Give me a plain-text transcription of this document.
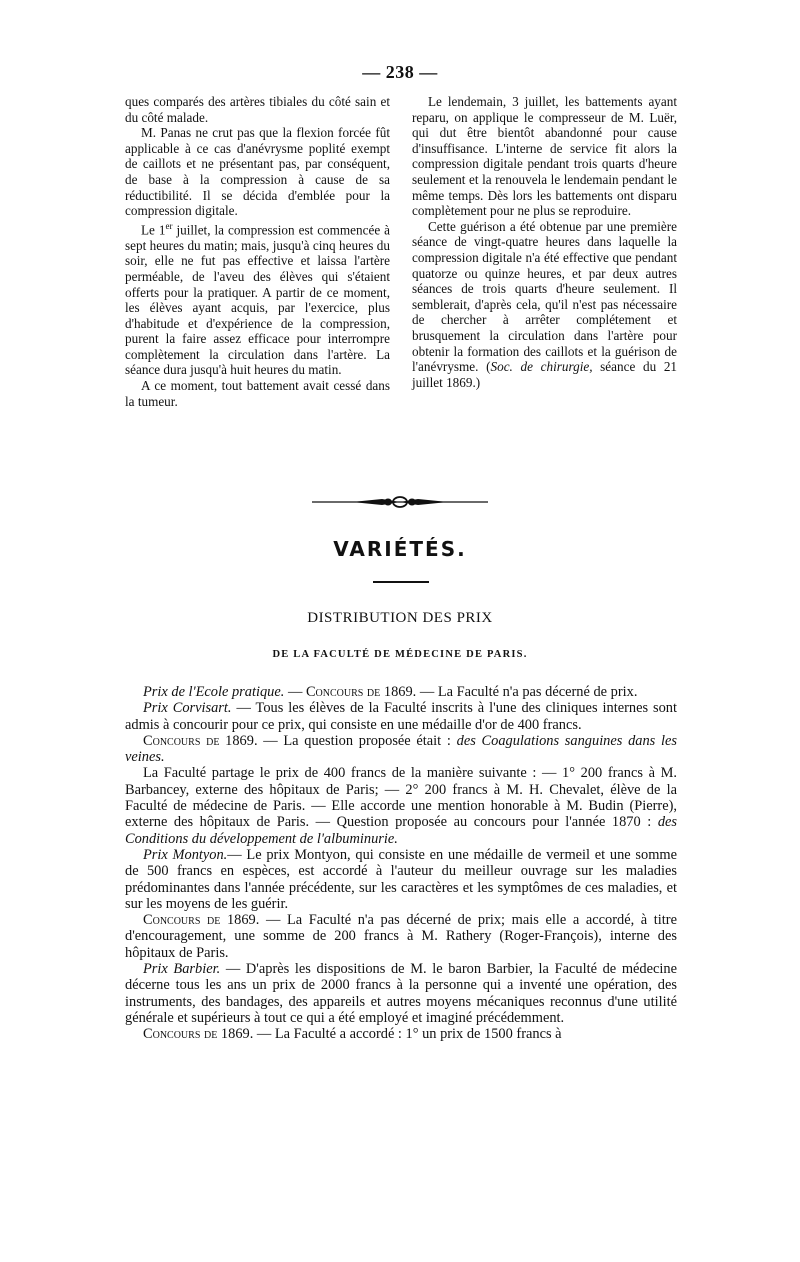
— 238 —

ques comparés des artères tibiales du côté sain et du côté malade.

M. Panas ne crut pas que la flexion forcée fût applicable à ce cas d'anévrysme poplité exempt de caillots et ne présentant pas, par conséquent, de base à la compression à cause de sa réductibilité. Il se décida d'emblée pour la compression digitale.

Le 1er juillet, la compression est commencée à sept heures du matin; mais, jusqu'à cinq heures du soir, elle ne fut pas effective et laissa l'artère perméable, de l'aveu des élèves qui s'étaient offerts pour la pratiquer. A partir de ce moment, les élèves ayant acquis, par l'exercice, plus d'habitude et d'expérience de la compression, purent la faire assez efficace pour interrompre complètement la circulation dans l'artère. La séance dura jusqu'à huit heures du matin.

A ce moment, tout battement avait cessé dans la tumeur.

Le lendemain, 3 juillet, les battements ayant reparu, on applique le compresseur de M. Luër, qui dut être bientôt abandonné pour cause d'insuffisance. L'interne de service fit alors la compression digitale pendant trois quarts d'heure seulement et la renouvela le lendemain pendant le même temps. Dès lors les battements ont disparu complètement pour ne plus se reproduire.

Cette guérison a été obtenue par une première séance de vingt-quatre heures dans laquelle la compression digitale n'a été effective que pendant quatorze ou quinze heures, et par deux autres séances de trois quarts d'heure seulement. Il semblerait, d'après cela, qu'il n'est pas nécessaire de chercher à arrêter complétement et brusquement la circulation dans l'artère pour obtenir la formation des caillots et la guérison de l'anévrysme. (Soc. de chirurgie, séance du 21 juillet 1869.)

VARIÉTÉS.
DISTRIBUTION DES PRIX
DE LA FACULTÉ DE MÉDECINE DE PARIS.

Prix de l'Ecole pratique. — Concours de 1869. — La Faculté n'a pas décerné de prix.

Prix Corvisart. — Tous les élèves de la Faculté inscrits à l'une des cliniques internes sont admis à concourir pour ce prix, qui consiste en une médaille d'or de 400 francs.

Concours de 1869. — La question proposée était : des Coagulations sanguines dans les veines.

La Faculté partage le prix de 400 francs de la manière suivante : — 1° 200 francs à M. Barbancey, externe des hôpitaux de Paris; — 2° 200 francs à M. H. Chevalet, élève de la Faculté de médecine de Paris. — Elle accorde une mention honorable à M. Budin (Pierre), externe des hôpitaux de Paris. — Question proposée au concours pour l'année 1870 : des Conditions du développement de l'albuminurie.

Prix Montyon.— Le prix Montyon, qui consiste en une médaille de vermeil et une somme de 500 francs en espèces, est accordé à l'auteur du meilleur ouvrage sur les maladies prédominantes dans l'année précédente, sur les caractères et les symptômes de ces maladies, et sur les moyens de les guérir.

Concours de 1869. — La Faculté n'a pas décerné de prix; mais elle a accordé, à titre d'encouragement, une somme de 200 francs à M. Rathery (Roger-François), interne des hôpitaux de Paris.

Prix Barbier. — D'après les dispositions de M. le baron Barbier, la Faculté de médecine décerne tous les ans un prix de 2000 francs à la personne qui a inventé une opération, des instruments, des bandages, des appareils et autres moyens mécaniques reconnus d'une utilité générale et supérieurs à tout ce qui a été employé et imaginé précédemment.

Concours de 1869. — La Faculté a accordé : 1° un prix de 1500 francs à
